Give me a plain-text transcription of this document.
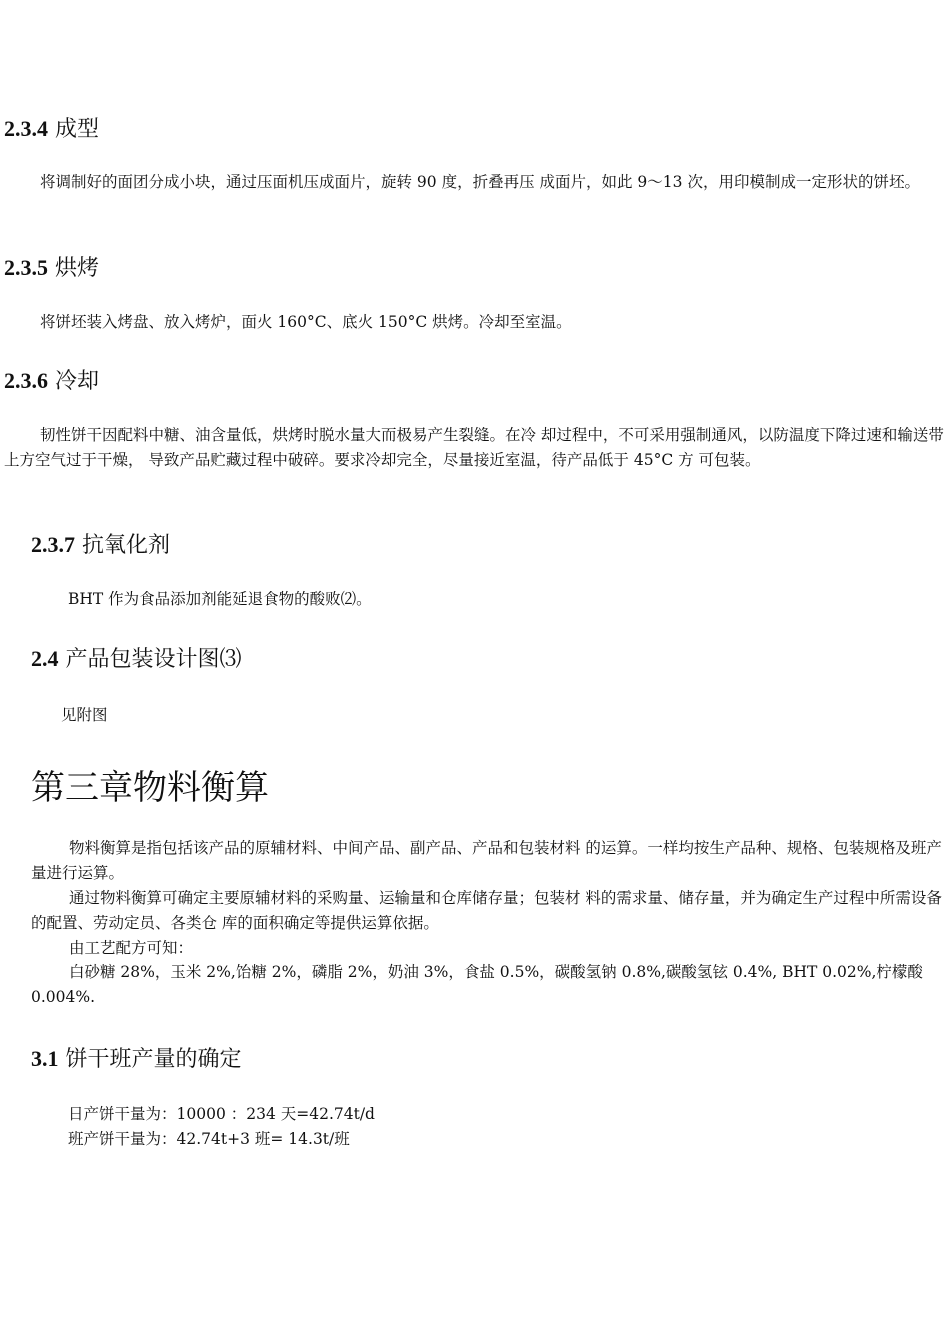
2.3.4 成型
将调制好的面团分成小块，通过压面机压成面片，旋转 90 度，折叠再压 成面片，如此 9～13 次，用印模制成一定形状的饼坯。
2.3.5 烘烤
将饼坯装入烤盘、放入烤炉，面火 160°C、底火 150°C 烘烤。冷却至室温。
2.3.6 冷却
韧性饼干因配料中糖、油含量低，烘烤时脱水量大而极易产生裂缝。在冷 却过程中，不可采用强制通风，以防温度下降过速和输送带上方空气过于干燥， 导致产品贮藏过程中破碎。要求冷却完全，尽量接近室温，待产品低于 45°C 方 可包装。
2.3.7 抗氧化剂
BHT 作为食品添加剂能延退食物的酸败⑵。
2.4 产品包装设计图⑶
见附图
第三章物料衡算
物料衡算是指包括该产品的原辅材料、中间产品、副产品、产品和包装材料 的运算。一样均按生产品种、规格、包装规格及班产量进行运算。
通过物料衡算可确定主要原辅材料的采购量、运输量和仓库储存量；包装材 料的需求量、储存量，并为确定生产过程中所需设备的配置、劳动定员、各类仓 库的面积确定等提供运算依据。
由工艺配方可知：
白砂糖 28%，玉米 2%,饴糖 2%，磷脂 2%，奶油 3%，食盐 0.5%，碳酸氢钠 0.8%,碳酸氢铉 0.4%, BHT 0.02%,柠檬酸 0.004%.
3.1 饼干班产量的确定
日产饼干量为：10000 ：234 天=42.74t/d
班产饼干量为：42.74t+3 班= 14.3t/班
